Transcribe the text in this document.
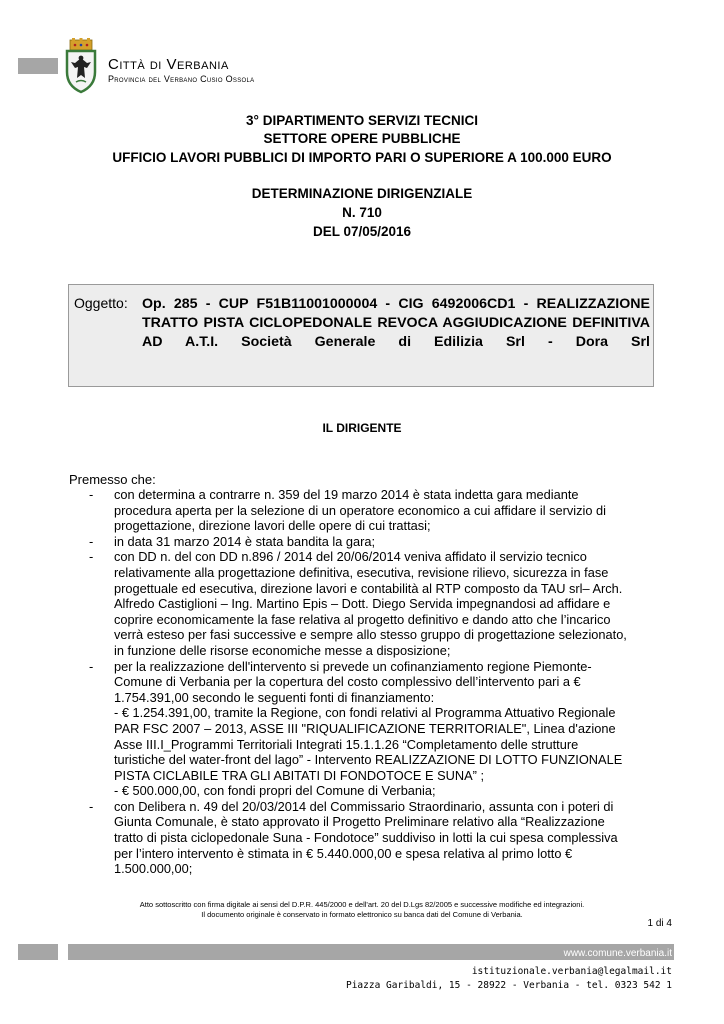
Città di Verbania
Provincia del Verbano Cusio Ossola
3° DIPARTIMENTO SERVIZI TECNICI
SETTORE OPERE PUBBLICHE
UFFICIO LAVORI PUBBLICI DI IMPORTO PARI O SUPERIORE A 100.000 EURO
DETERMINAZIONE DIRIGENZIALE
N. 710
DEL 07/05/2016
Oggetto: Op. 285 - CUP F51B11001000004 - CIG 6492006CD1 - REALIZZAZIONE TRATTO PISTA CICLOPEDONALE REVOCA AGGIUDICAZIONE DEFINITIVA AD A.T.I. Società Generale di Edilizia Srl - Dora Srl
IL DIRIGENTE
Premesso che:
- con determina a contrarre n. 359 del 19 marzo 2014 è stata indetta gara mediante
procedura aperta per la selezione di un operatore economico a cui affidare il servizio di
progettazione, direzione lavori delle opere di cui trattasi;
- in data 31 marzo 2014 è stata bandita la gara;
- con DD n. del con DD n.896 / 2014 del 20/06/2014 veniva affidato il servizio tecnico
relativamente alla progettazione definitiva, esecutiva, revisione rilievo, sicurezza in fase
progettuale ed esecutiva, direzione lavori e contabilità al RTP composto da TAU srl– Arch.
Alfredo Castiglioni – Ing. Martino Epis – Dott. Diego Servida impegnandosi ad affidare e
coprire economicamente la fase relativa al progetto definitivo e dando atto che l’incarico
verrà esteso per fasi successive e sempre allo stesso gruppo di progettazione selezionato,
in funzione delle risorse economiche messe a disposizione;
- per la realizzazione dell'intervento si prevede un cofinanziamento regione Piemonte-
Comune di Verbania per la copertura del costo complessivo dell’intervento pari a €
1.754.391,00 secondo le seguenti fonti di finanziamento:
- € 1.254.391,00, tramite la Regione, con fondi relativi al Programma Attuativo Regionale
PAR FSC 2007 – 2013, ASSE III "RIQUALIFICAZIONE TERRITORIALE", Linea d'azione
Asse III.I_Programmi Territoriali Integrati 15.1.1.26 “Completamento delle strutture
turistiche del water-front del lago” - Intervento REALIZZAZIONE DI LOTTO FUNZIONALE
PISTA CICLABILE TRA GLI ABITATI DI FONDOTOCE E SUNA” ;
- € 500.000,00, con fondi propri del Comune di Verbania;
- con Delibera n. 49 del 20/03/2014 del Commissario Straordinario, assunta con i poteri di
Giunta Comunale, è stato approvato il Progetto Preliminare relativo alla “Realizzazione
tratto di pista ciclopedonale Suna - Fondotoce” suddiviso in lotti la cui spesa complessiva
per l’intero intervento è stimata in € 5.440.000,00 e spesa relativa al primo lotto €
1.500.000,00;
Atto sottoscritto con firma digitale ai sensi del D.P.R. 445/2000 e dell'art. 20 del D.Lgs 82/2005 e successive modifiche ed integrazioni.
Il documento originale è conservato in formato elettronico su banca dati del Comune di Verbania.
1 di 4
www.comune.verbania.it
istituzionale.verbania@legalmail.it
Piazza Garibaldi, 15 - 28922 - Verbania - tel. 0323 542 1
